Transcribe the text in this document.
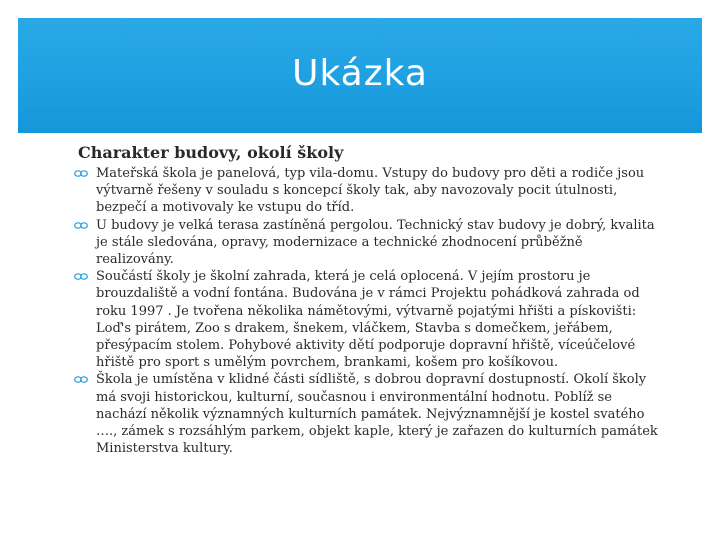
Ukázka
Charakter budovy, okolí školy
Mateřská škola je panelová, typ vila-domu. Vstupy do budovy pro děti a rodiče jsou výtvarně řešeny v souladu s koncepcí školy tak, aby navozovaly pocit útulnosti, bezpečí a motivovaly ke vstupu do tříd.
U budovy je velká terasa zastíněná pergolou. Technický stav budovy je dobrý, kvalita je stále sledována, opravy, modernizace a technické zhodnocení průběžně realizovány.
Součástí školy je školní zahrada, která je celá oplocená. V jejím prostoru je brouzdaliště a vodní fontána. Budována je v rámci Projektu pohádková zahrada od roku 1997 . Je tvořena několika námětovými, výtvarně pojatými hřišti a pískovišti: Loď's pirátem, Zoo s drakem, šnekem, vláčkem, Stavba s domečkem, jeřábem, přesýpacím stolem. Pohybové aktivity dětí podporuje dopravní hřiště, víceúčelové hřiště pro sport s umělým povrchem, brankami, košem pro košíkovou.
Škola je umístěna v klidné části sídliště, s dobrou dopravní dostupností. Okolí školy má svoji historickou, kulturní, současnou i environmentální hodnotu. Poblíž se nachází několik významných kulturních památek. Nejvýznamnější je kostel svatého …., zámek s rozsáhlým parkem, objekt kaple, který je zařazen do kulturních památek Ministerstva kultury.
